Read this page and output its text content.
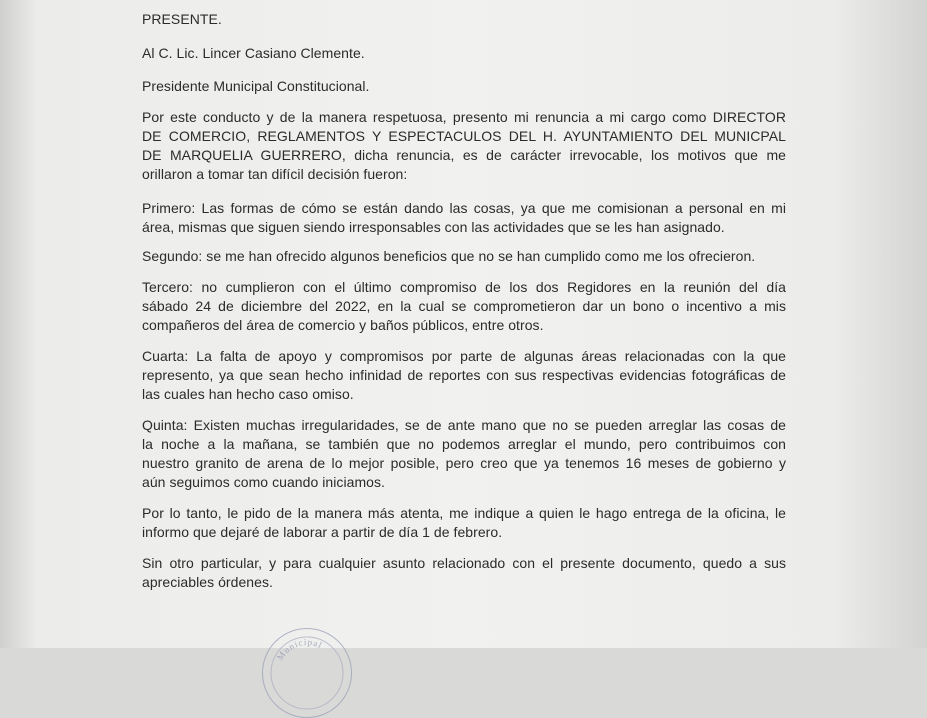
PRESENTE.

Al C. Lic. Lincer Casiano Clemente.

Presidente Municipal Constitucional.

Por este conducto y de la manera respetuosa, presento mi renuncia a mi cargo como DIRECTOR
DE COMERCIO, REGLAMENTOS Y ESPECTACULOS DEL H. AYUNTAMIENTO DEL MUNICPAL
DE MARQUELIA GUERRERO, dicha renuncia, es de carácter irrevocable, los motivos que me
orillaron a tomar tan difícil decisión fueron:
Primero: Las formas de cómo se están dando las cosas, ya que me comisionan a personal en mi
área, mismas que siguen siendo irresponsables con las actividades que se les han asignado.

Segundo: se me han ofrecido algunos beneficios que no se han cumplido como me los ofrecieron.

Tercero: no cumplieron con el último compromiso de los dos Regidores en la reunión del día
sábado 24 de diciembre del 2022, en la cual se comprometieron dar un bono o incentivo a mis
compañeros del área de comercio y baños públicos, entre otros.
Cuarta: La falta de apoyo y compromisos por parte de algunas áreas relacionadas con la que
represento, ya que sean hecho infinidad de reportes con sus respectivas evidencias fotográficas de
las cuales han hecho caso omiso.
Quinta: Existen muchas irregularidades, se de ante mano que no se pueden arreglar las cosas de
la noche a la mañana, se también que no podemos arreglar el mundo, pero contribuimos con
nuestro granito de arena de lo mejor posible, pero creo que ya tenemos 16 meses de gobierno y
aún seguimos como cuando iniciamos.
Por lo tanto, le pido de la manera más atenta, me indique a quien le hago entrega de la oficina, le
informo que dejaré de laborar a partir de día 1 de febrero.
Sin otro particular, y para cualquier asunto relacionado con el presente documento, quedo a sus
apreciables órdenes.
Municipal
